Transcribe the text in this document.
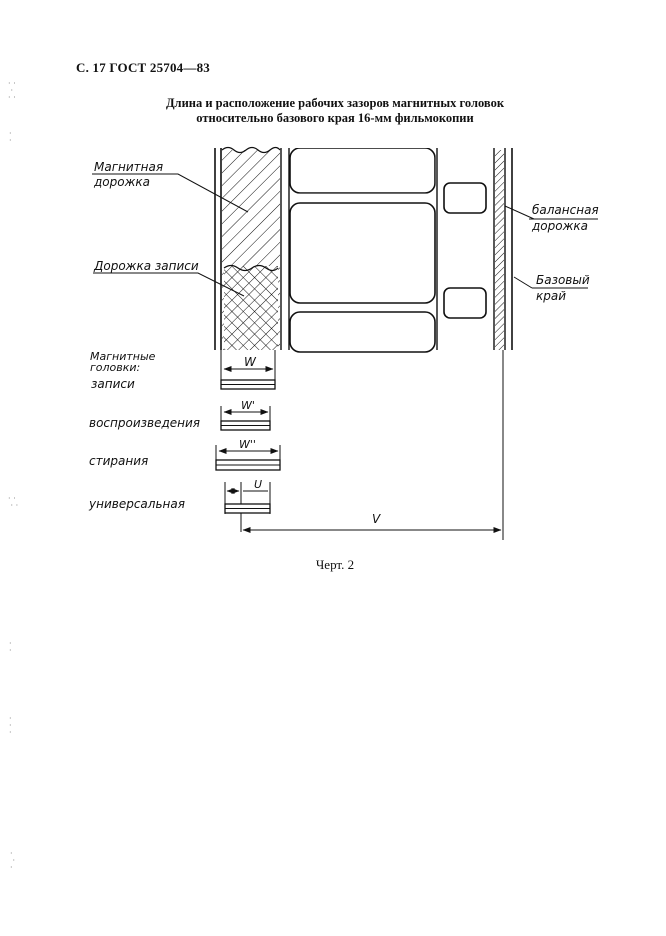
С. 17 ГОСТ 25704—83
Длина и расположение рабочих зазоров магнитных головок
относительно базового края 16-мм фильмокопии
· ·
·
· ·
·
·
· ·
· ·
·
·
·
·
·
·
·
·
Магнитная
дорожка
Дорожка записи
балансная
дорожка
Базовый
край
Магнитные
головки:
записи
воспроизведения
стирания
универсальная
W
W'
W''
U
V
Черт. 2
